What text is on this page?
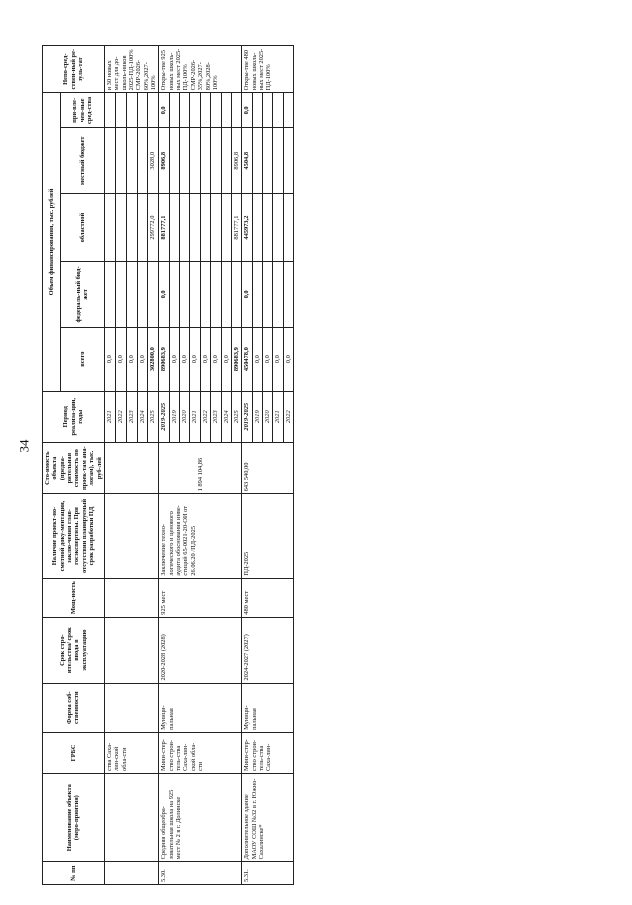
34
№ пп	Наименование объекта (меро-приятия)	ГРБС	Форма соб-ственности	Срок стро-ительства/ срок ввода в эксплуатацию	Мощ-ность	Наличие проект-но-сметной доку-ментации, заклю-чения глав-госэкспертизы. При отсутствии планируемый срок разработки ПД	Сто-имость объекта (предва-рительная стоимость по проек-там ана-логам), тыс. руб-лей	Период реализа-ции, годы	Объем финансирования, тыс. рублей					Непо-сред-ствен-ный ре-зуль-тат
									всего	федераль-ный бюд-жет	областной	местный бюджет	при-вле-чен-ные сред-ства	
		ства Саха-лин-ской обла-сти						2021	0,0					и 30 новых мест для до-школь-ников 2025-ПД-100% СМР-2026-60%,2027-100%
								2022	0,0					
								2023	0,0					
								2024	0,0					
								2025	302800,0		299772,0	3028,0		
5.30.	Средняя общеобра-зовательная школа на 925 мест № 2 в г. Долинске	Мини-стер-ство строи-тель-ства Саха-лин-ской обла-сти	Муници-пальная	2020-2028 (2028)	925 мест	Заключение техно-логического и ценового аудита обоснования инве-стиций 65-0021-20-ОИ от 26.06.20 /ПД-2025	1 894 104,86	2019-2025	890683,9	0,0	881777,1	8906,8	0,0	Откры-тие 925 новых школь-ных мест 2025-ПД-100% СМР-2026-35%,2027-80%,2028-100%
								2019	0,0					
								2020	0,0					
								2021	0,0					
								2022	0,0					
								2023	0,0					
								2024	0,0					
								2025	890683,9		881777,1	8906,8		
5.31.	Дополнительное здание МАОУ СОШ №32 в г. Южно-Сахалинске*	Мини-стер-ство строи-тель-ства Саха-лин-	Муници-пальная	2024-2027 (2027)	480 мест	ПД-2025	643 540,00	2019-2025	450478,0	0,0	445973,2	4504,8	0,0	Откры-тие 480 новых школь-ных мест 2025-ПД-100%
								2019	0,0					
								2020	0,0					
								2021	0,0					
								2022	0,0					
